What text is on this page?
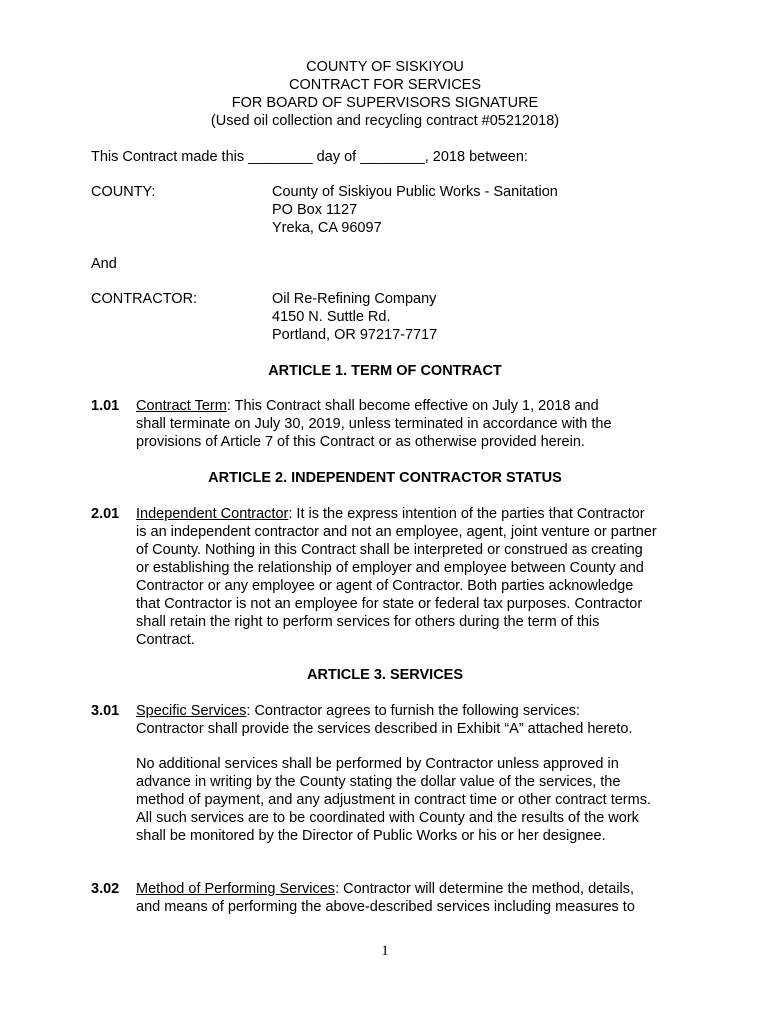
COUNTY OF SISKIYOU
CONTRACT FOR SERVICES
FOR BOARD OF SUPERVISORS SIGNATURE
(Used oil collection and recycling contract #05212018)
This Contract made this ________ day of ________, 2018 between:
COUNTY:	County of Siskiyou Public Works - Sanitation
PO Box 1127
Yreka, CA 96097
And
CONTRACTOR:	Oil Re-Refining Company
4150 N. Suttle Rd.
Portland, OR 97217-7717
ARTICLE 1. TERM OF CONTRACT
1.01 Contract Term: This Contract shall become effective on July 1, 2018 and
shall terminate on July 30, 2019, unless terminated in accordance with the
provisions of Article 7 of this Contract or as otherwise provided herein.
ARTICLE 2. INDEPENDENT CONTRACTOR STATUS
2.01 Independent Contractor: It is the express intention of the parties that Contractor
is an independent contractor and not an employee, agent, joint venture or partner
of County. Nothing in this Contract shall be interpreted or construed as creating
or establishing the relationship of employer and employee between County and
Contractor or any employee or agent of Contractor. Both parties acknowledge
that Contractor is not an employee for state or federal tax purposes. Contractor
shall retain the right to perform services for others during the term of this
Contract.
ARTICLE 3. SERVICES
3.01 Specific Services: Contractor agrees to furnish the following services:
Contractor shall provide the services described in Exhibit “A” attached hereto.
No additional services shall be performed by Contractor unless approved in
advance in writing by the County stating the dollar value of the services, the
method of payment, and any adjustment in contract time or other contract terms.
All such services are to be coordinated with County and the results of the work
shall be monitored by the Director of Public Works or his or her designee.
3.02 Method of Performing Services: Contractor will determine the method, details,
and means of performing the above-described services including measures to
1
